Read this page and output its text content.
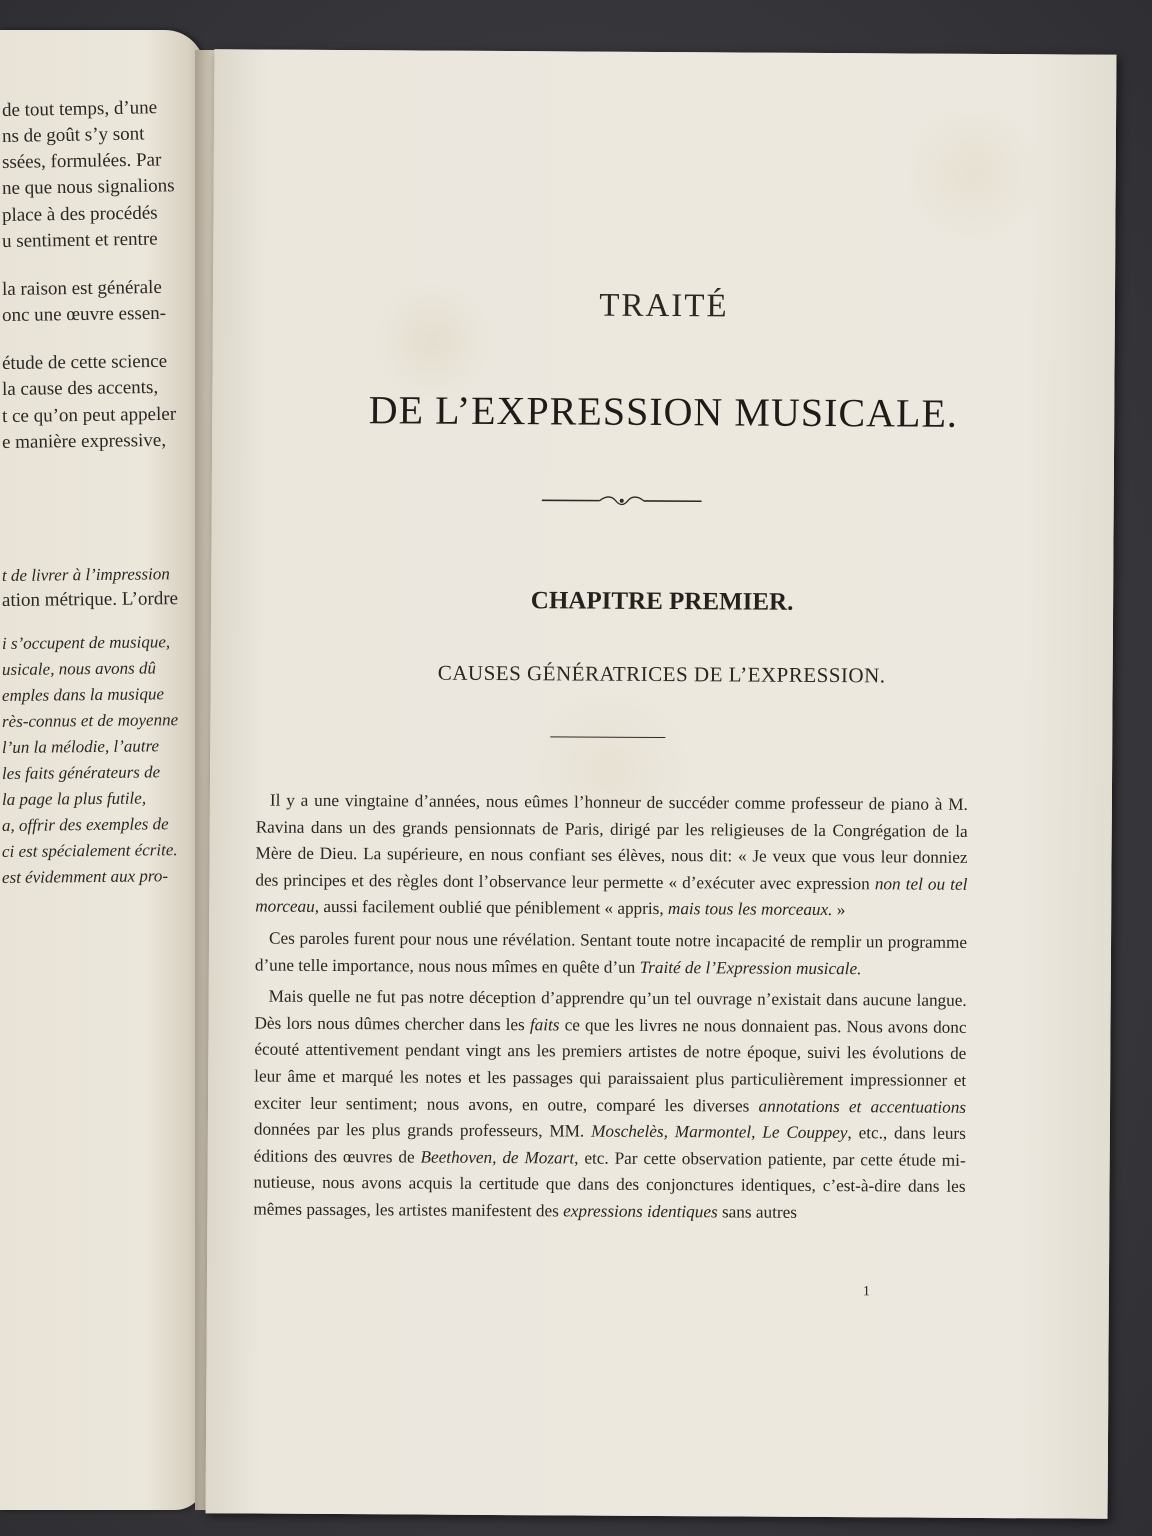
de tout temps, d’une
ns de goût s’y sont
ssées, formulées. Par
ne que nous signalions
place à des procédés
u sentiment et rentre
la raison est générale
onc une œuvre essen-
étude de cette science
la cause des accents,
t ce qu’on peut appeler
e manière expressive,
t de livrer à l’impression
ation métrique. L’ordre
i s’occupent de musique,
usicale, nous avons dû
emples dans la musique
rès-connus et de moyenne
l’un la mélodie, l’autre
les faits générateurs de
la page la plus futile,
a, offrir des exemples de
ci est spécialement écrite.
est évidemment aux pro-
TRAITÉ
DE L’EXPRESSION MUSICALE.
CHAPITRE PREMIER.
CAUSES GÉNÉRATRICES DE L’EXPRESSION.

Il y a une vingtaine d’années, nous eûmes l’honneur de succéder comme professeur de piano à M. Ravina dans un des grands pensionnats de Paris, dirigé par les religieuses de la Congrégation de la Mère de Dieu. La supérieure, en nous confiant ses élèves, nous dit: « Je veux que vous leur donniez des principes et des règles dont l’observance leur permette « d’exécuter avec expression non tel ou tel morceau, aussi facilement oublié que péniblement « appris, mais tous les morceaux. »

Ces paroles furent pour nous une révélation. Sentant toute notre incapacité de remplir un programme d’une telle importance, nous nous mîmes en quête d’un Traité de l’Expression musicale.

Mais quelle ne fut pas notre déception d’apprendre qu’un tel ouvrage n’existait dans aucune langue. Dès lors nous dûmes chercher dans les faits ce que les livres ne nous donnaient pas. Nous avons donc écouté attentivement pendant vingt ans les premiers artistes de notre époque, suivi les évolutions de leur âme et marqué les notes et les passages qui paraissaient plus particulièrement impressionner et exciter leur sentiment; nous avons, en outre, comparé les diverses annotations et accentuations données par les plus grands professeurs, MM. Moschelès, Marmontel, Le Couppey, etc., dans leurs éditions des œuvres de Beethoven, de Mozart, etc. Par cette observation patiente, par cette étude minutieuse, nous avons acquis la certitude que dans des conjonctures identiques, c’est-à-dire dans les mêmes passages, les artistes manifestent des expressions identiques sans autres

1
